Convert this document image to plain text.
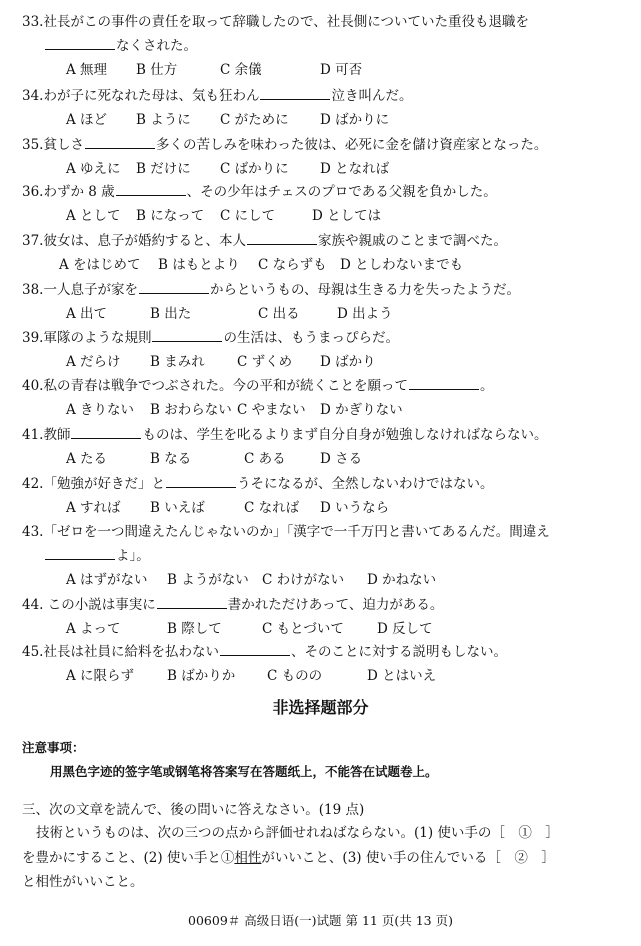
33.社長がこの事件の責任を取って辞職したので、社長側についていた重役も退職を
なくされた。
A 無理 B 仕方	C 余儀	D 可否
34.わが子に死なれた母は、気も狂わん	泣き叫んだ。
A ほど B ように C がために D ばかりに
35.貧しさ	多くの苦しみを味わった彼は、必死に金を儲け資産家となった。
A ゆえに B だけに C ばかりに D となれば
36.わずか 8 歳	、その少年はチェスのプロである父親を負かした。
A として B になって C にして	D としては
37.彼女は、息子が婚約すると、本人	家族や親戚のことまで調べた。
A をはじめて B はもとより C ならずも D としわないまでも
38.一人息子が家を	からというもの、母親は生きる力を失ったようだ。
A 出て	B 出た	C 出る	D 出よう
39.軍隊のような規則	の生活は、もうまっぴらだ。
A だらけ B まみれ C ずくめ D ばかり
40.私の青春は戦争でつぶされた。今の平和が続くことを願って	。
A きりない B おわらない C やまない D かぎりない
41.教師	ものは、学生を叱るよりまず自分自身が勉強しなければならない。
A たる	B なる	C ある	D さる
42.「勉強が好きだ」と	うそになるが、全然しないわけではない。
A すれば B いえば	C なれば D いうなら
43.「ゼロを一つ間違えたんじゃないのか」「漢字で一千万円と書いてあるんだ。間違え
よ」。
A はずがない B ようがない C わけがない D かねない
44. この小説は事実に	書かれただけあって、迫力がある。
A よって	B 際して	C もとづいて D 反して
45.社長は社員に給料を払わない	、そのことに対する説明もしない。
A に限らず B ばかりか C ものの	D とはいえ
非选择题部分
注意事项：
用黑色字迹的签字笔或钢笔将答案写在答题纸上，不能答在试题卷上。
三、次の文章を読んで、後の問いに答えなさい。(19 点)
技術というものは、次の三つの点から評価せれねばならない。(1) 使い手の［　①　］
を豊かにすること、(2) 使い手と①相性がいいこと、(3) 使い手の住んでいる［　②　］
と相性がいいこと。
00609＃ 高级日语(一)试题 第 11 页(共 13 页)
